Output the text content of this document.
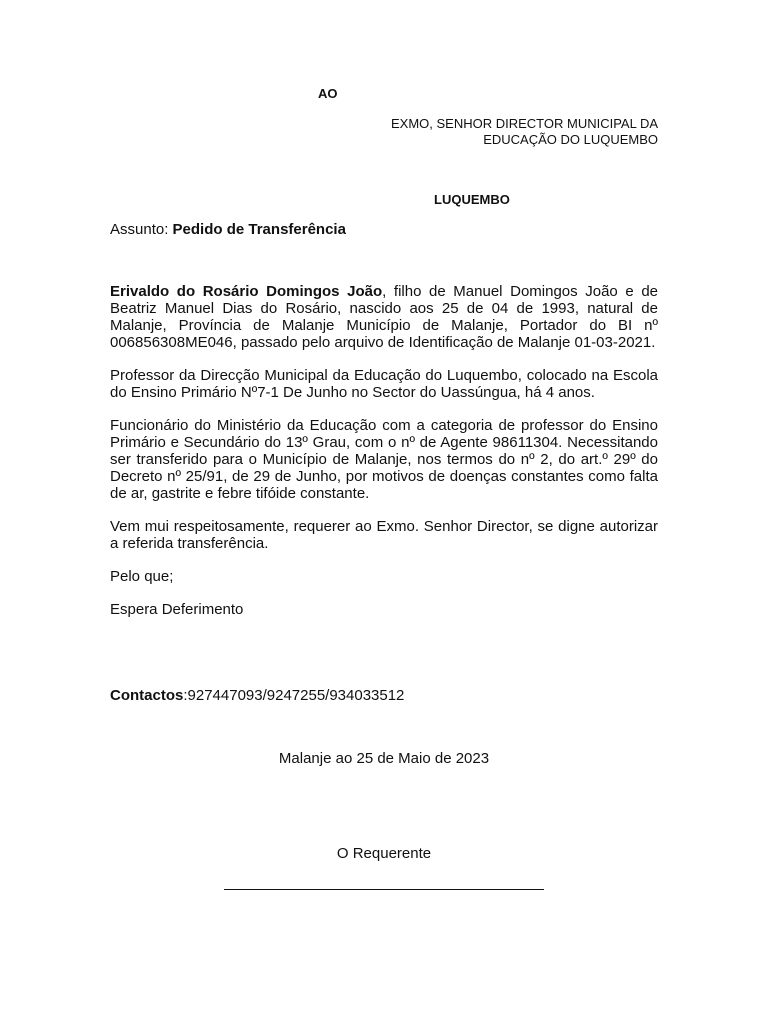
AO
EXMO, SENHOR DIRECTOR MUNICIPAL DA
EDUCAÇÃO DO LUQUEMBO
LUQUEMBO
Assunto: Pedido de Transferência

Erivaldo do Rosário Domingos João, filho de Manuel Domingos João e de Beatriz Manuel Dias do Rosário, nascido aos 25 de 04 de 1993, natural de Malanje, Província de Malanje Município de Malanje, Portador do BI nº 006856308ME046, passado pelo arquivo de Identificação de Malanje 01-03-2021.

Professor da Direcção Municipal da Educação do Luquembo, colocado na Escola do Ensino Primário Nº7-1 De Junho no Sector do Uassúngua, há 4 anos.

Funcionário do Ministério da Educação com a categoria de professor do Ensino Primário e Secundário do 13º Grau, com o nº de Agente 98611304. Necessitando ser transferido para o Município de Malanje, nos termos do nº 2, do art.º 29º do Decreto nº 25/91, de 29 de Junho, por motivos de doenças constantes como falta de ar, gastrite e febre tifóide constante.

Vem mui respeitosamente, requerer ao Exmo. Senhor Director, se digne autorizar a referida transferência.

Pelo que;

Espera Deferimento

Contactos:927447093/9247255/934033512
Malanje ao 25 de Maio de 2023
O Requerente
